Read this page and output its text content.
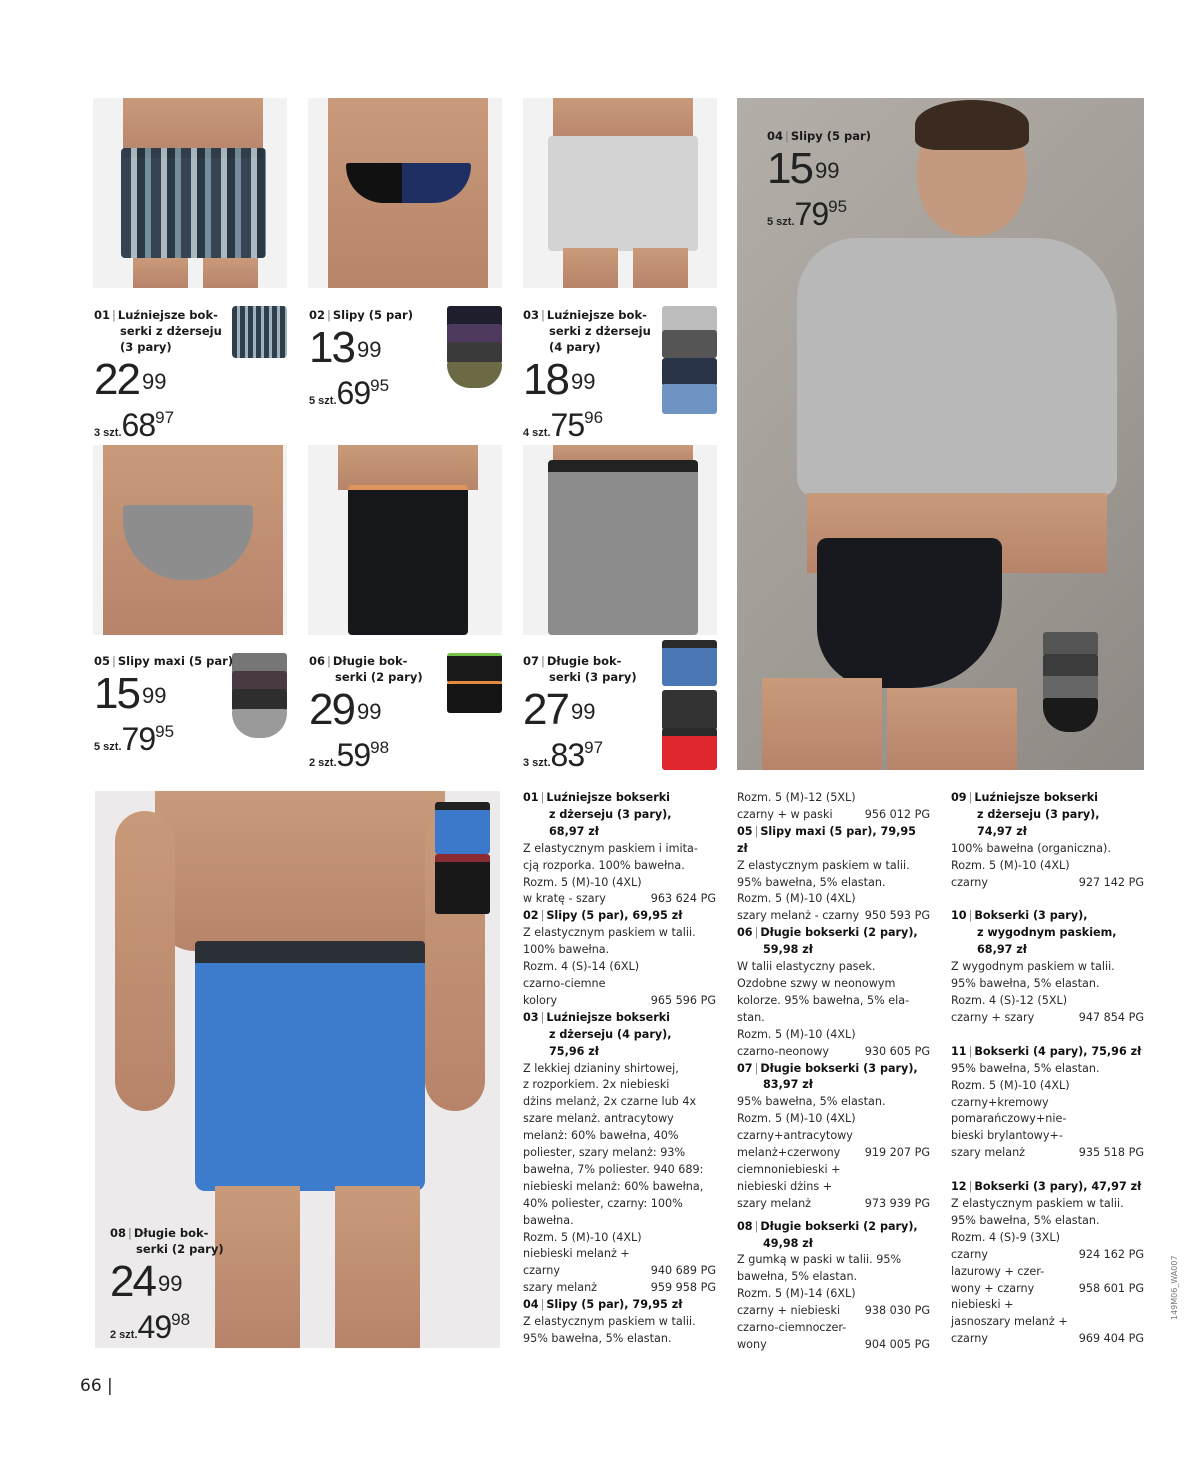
01 | Luźniejsze bok-
serki z dżerseju
(3 pary)
22 $^{99}$
3 $szt.68^{97}$
02 | Slipy (5 par)
13 $^{99}$
5 $szt.69^{95}$
03 | Luźniejsze bok-
serki z dżerseju
(4 pary)
18 $^{99}$
4 $szt.75^{96}$
04 | Slipy (5 par)
15 $^{99}$
5 $szt.79^{95}$
05 | Slipy maxi (5 par)
15 $^{99}$
5 $szt.79^{95}$
06 | Długie bok-
serki (2 pary)
29 $^{99}$
2 $szt.59^{98}$
07 | Długie bok-
serki (3 pary)
27 $^{99}$
3 $szt.83^{97}$
08 | Długie bok-
serki (2 pary)
24 $^{99}$
2 $szt.49^{98}$
01 | Luźniejsze bokserki
z dżerseju (3 pary),
68,97 zł
Z elastycznym paskiem i imita-
cją rozporka. 100% bawełna.
Rozm. 5 (M)-10 (4XL)
w kratę - szary	963 624 PG
02 | Slipy (5 par), 69,95 zł
Z elastycznym paskiem w talii.
100% bawełna.
Rozm. 4 (S)-14 (6XL)
czarno-ciemne
kolory	965 596 PG
03 | Luźniejsze bokserki
z dżerseju (4 pary),
75,96 zł
Z lekkiej dzianiny shirtowej,
z rozporkiem. 2x niebieski
dżins melanż, 2x czarne lub 4x
szare melanż. antracytowy
melanż: 60% bawełna, 40%
poliester, szary melanż: 93%
bawełna, 7% poliester. 940 689:
niebieski melanż: 60% bawełna,
40% poliester, czarny: 100%
bawełna.
Rozm. 5 (M)-10 (4XL)
niebieski melanż +
czarny	940 689 PG
szary melanż	959 958 PG
04 | Slipy (5 par), 79,95 zł
Z elastycznym paskiem w talii.
95% bawełna, 5% elastan.
Rozm. 5 (M)-12 (5XL)
czarny + w paski	956 012 PG
05 | Slipy maxi (5 par), 79,95 zł
Z elastycznym paskiem w talii.
95% bawełna, 5% elastan.
Rozm. 5 (M)-10 (4XL)
szary melanż - czarny 950 593 PG
06 | Długie bokserki (2 pary),
59,98 zł
W talii elastyczny pasek.
Ozdobne szwy w neonowym
kolorze. 95% bawełna, 5% ela-
stan.
Rozm. 5 (M)-10 (4XL)
czarno-neonowy	930 605 PG
07 | Długie bokserki (3 pary),
83,97 zł
95% bawełna, 5% elastan.
Rozm. 5 (M)-10 (4XL)
czarny+antracytowy
melanż+czerwony 919 207 PG
ciemnoniebieski +
niebieski dżins +
szary melanż	973 939 PG
08 | Długie bokserki (2 pary),
49,98 zł
Z gumką w paski w talii. 95%
bawełna, 5% elastan.
Rozm. 5 (M)-14 (6XL)
czarny + niebieski 938 030 PG
czarno-ciemnoczer-
wony	904 005 PG
09 | Luźniejsze bokserki
z dżerseju (3 pary),
74,97 zł
100% bawełna (organiczna).
Rozm. 5 (M)-10 (4XL)
czarny	927 142 PG
10 | Bokserki (3 pary),
z wygodnym paskiem,
68,97 zł
Z wygodnym paskiem w talii.
95% bawełna, 5% elastan.
Rozm. 4 (S)-12 (5XL)
czarny + szary	947 854 PG
11 | Bokserki (4 pary), 75,96 zł
95% bawełna, 5% elastan.
Rozm. 5 (M)-10 (4XL)
czarny+kremowy
pomarańczowy+nie-
bieski brylantowy+-
szary melanż	935 518 PG
12 | Bokserki (3 pary), 47,97 zł
Z elastycznym paskiem w talii.
95% bawełna, 5% elastan.
Rozm. 4 (S)-9 (3XL)
czarny	924 162 PG
lazurowy + czer-
wony + czarny	958 601 PG
niebieski +
jasnoszary melanż +
czarny	969 404 PG
66 |
149M06_WA007
